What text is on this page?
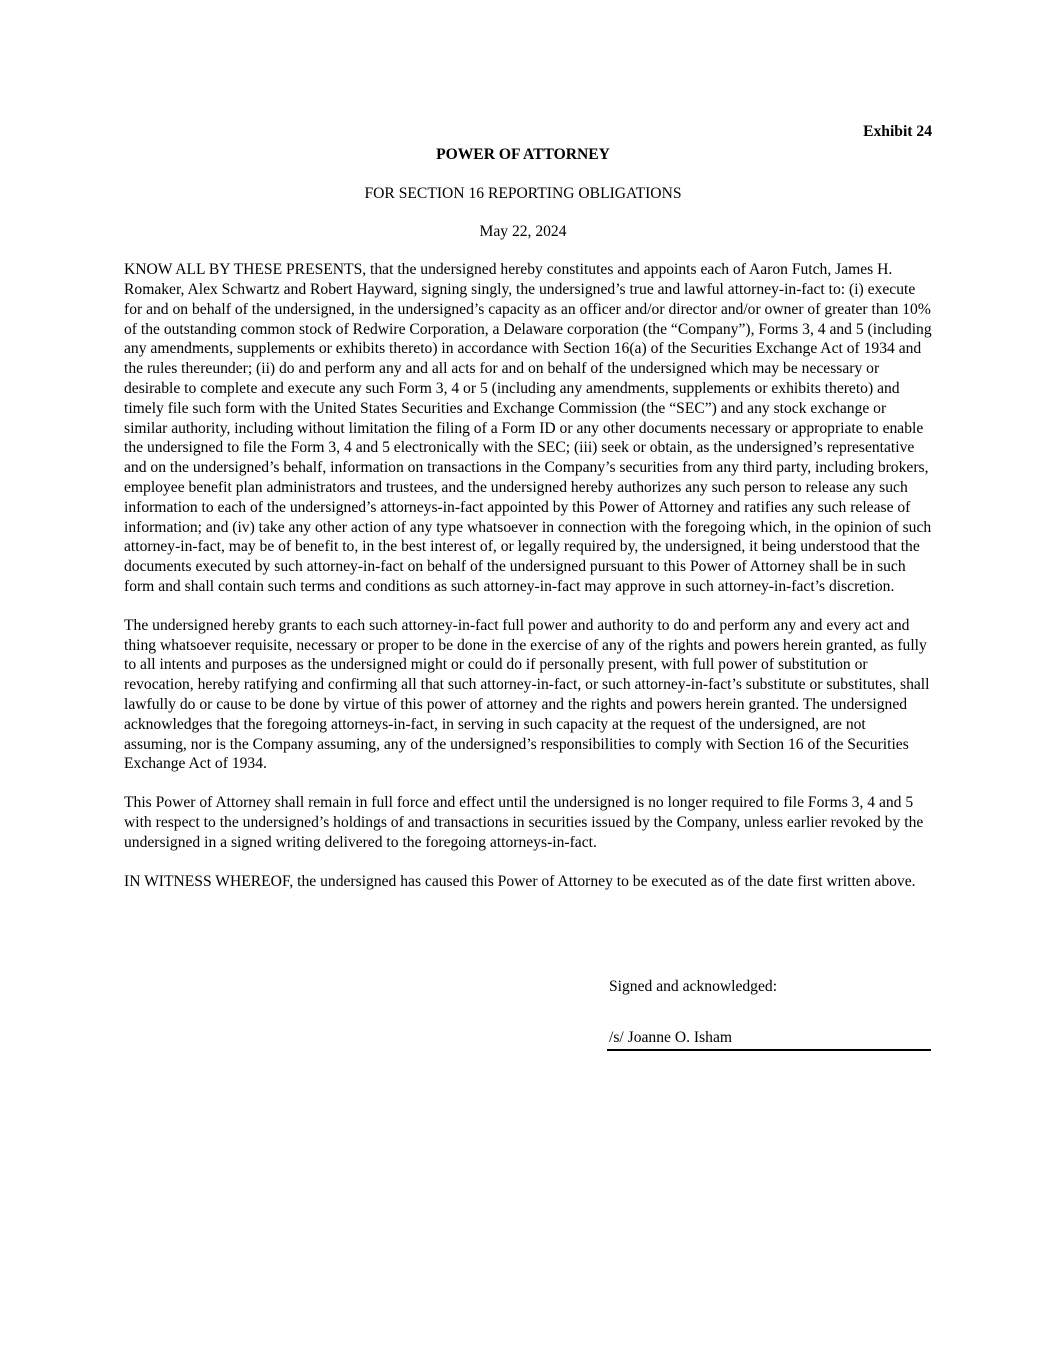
Exhibit 24

POWER OF ATTORNEY

FOR SECTION 16 REPORTING OBLIGATIONS

May 22, 2024

KNOW ALL BY THESE PRESENTS, that the undersigned hereby constitutes and appoints each of Aaron Futch, James H. Romaker, Alex Schwartz and Robert Hayward, signing singly, the undersigned’s true and lawful attorney-in-fact to: (i) execute for and on behalf of the undersigned, in the undersigned’s capacity as an officer and/or director and/or owner of greater than 10% of the outstanding common stock of Redwire Corporation, a Delaware corporation (the “Company”), Forms 3, 4 and 5 (including any amendments, supplements or exhibits thereto) in accordance with Section 16(a) of the Securities Exchange Act of 1934 and the rules thereunder; (ii) do and perform any and all acts for and on behalf of the undersigned which may be necessary or desirable to complete and execute any such Form 3, 4 or 5 (including any amendments, supplements or exhibits thereto) and timely file such form with the United States Securities and Exchange Commission (the “SEC”) and any stock exchange or similar authority, including without limitation the filing of a Form ID or any other documents necessary or appropriate to enable the undersigned to file the Form 3, 4 and 5 electronically with the SEC; (iii) seek or obtain, as the undersigned’s representative and on the undersigned’s behalf, information on transactions in the Company’s securities from any third party, including brokers, employee benefit plan administrators and trustees, and the undersigned hereby authorizes any such person to release any such information to each of the undersigned’s attorneys-in-fact appointed by this Power of Attorney and ratifies any such release of information; and (iv) take any other action of any type whatsoever in connection with the foregoing which, in the opinion of such attorney-in-fact, may be of benefit to, in the best interest of, or legally required by, the undersigned, it being understood that the documents executed by such attorney-in-fact on behalf of the undersigned pursuant to this Power of Attorney shall be in such form and shall contain such terms and conditions as such attorney-in-fact may approve in such attorney-in-fact’s discretion.

The undersigned hereby grants to each such attorney-in-fact full power and authority to do and perform any and every act and thing whatsoever requisite, necessary or proper to be done in the exercise of any of the rights and powers herein granted, as fully to all intents and purposes as the undersigned might or could do if personally present, with full power of substitution or revocation, hereby ratifying and confirming all that such attorney-in-fact, or such attorney-in-fact’s substitute or substitutes, shall lawfully do or cause to be done by virtue of this power of attorney and the rights and powers herein granted. The undersigned acknowledges that the foregoing attorneys-in-fact, in serving in such capacity at the request of the undersigned, are not assuming, nor is the Company assuming, any of the undersigned’s responsibilities to comply with Section 16 of the Securities Exchange Act of 1934.

This Power of Attorney shall remain in full force and effect until the undersigned is no longer required to file Forms 3, 4 and 5 with respect to the undersigned’s holdings of and transactions in securities issued by the Company, unless earlier revoked by the undersigned in a signed writing delivered to the foregoing attorneys-in-fact.

IN WITNESS WHEREOF, the undersigned has caused this Power of Attorney to be executed as of the date first written above.

Signed and acknowledged:
/s/ Joanne O. Isham
